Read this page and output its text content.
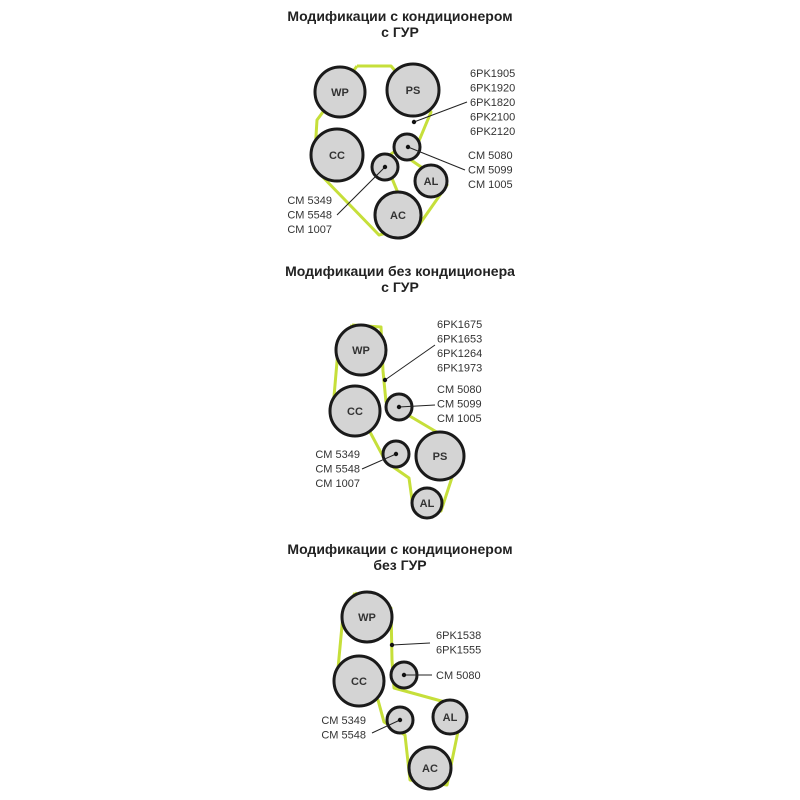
Модификации с кондиционером
с ГУР
Модификации без кондиционера
с ГУР
Модификации с кондиционером
без ГУР
WP	PS
CC
AL
AC
6PK1905
6PK1920
6PK1820
6PK2100
6PK2120
CM 5080
CM 5099
CM 1005
CM 5349
CM 5548
CM 1007
WP
CC
PS
AL
6PK1675
6PK1653
6PK1264
6PK1973
CM 5080
CM 5099
CM 1005
CM 5349
CM 5548
CM 1007
WP
CC
AL
AC
6PK1538
6PK1555
CM 5080
CM 5349
CM 5548
